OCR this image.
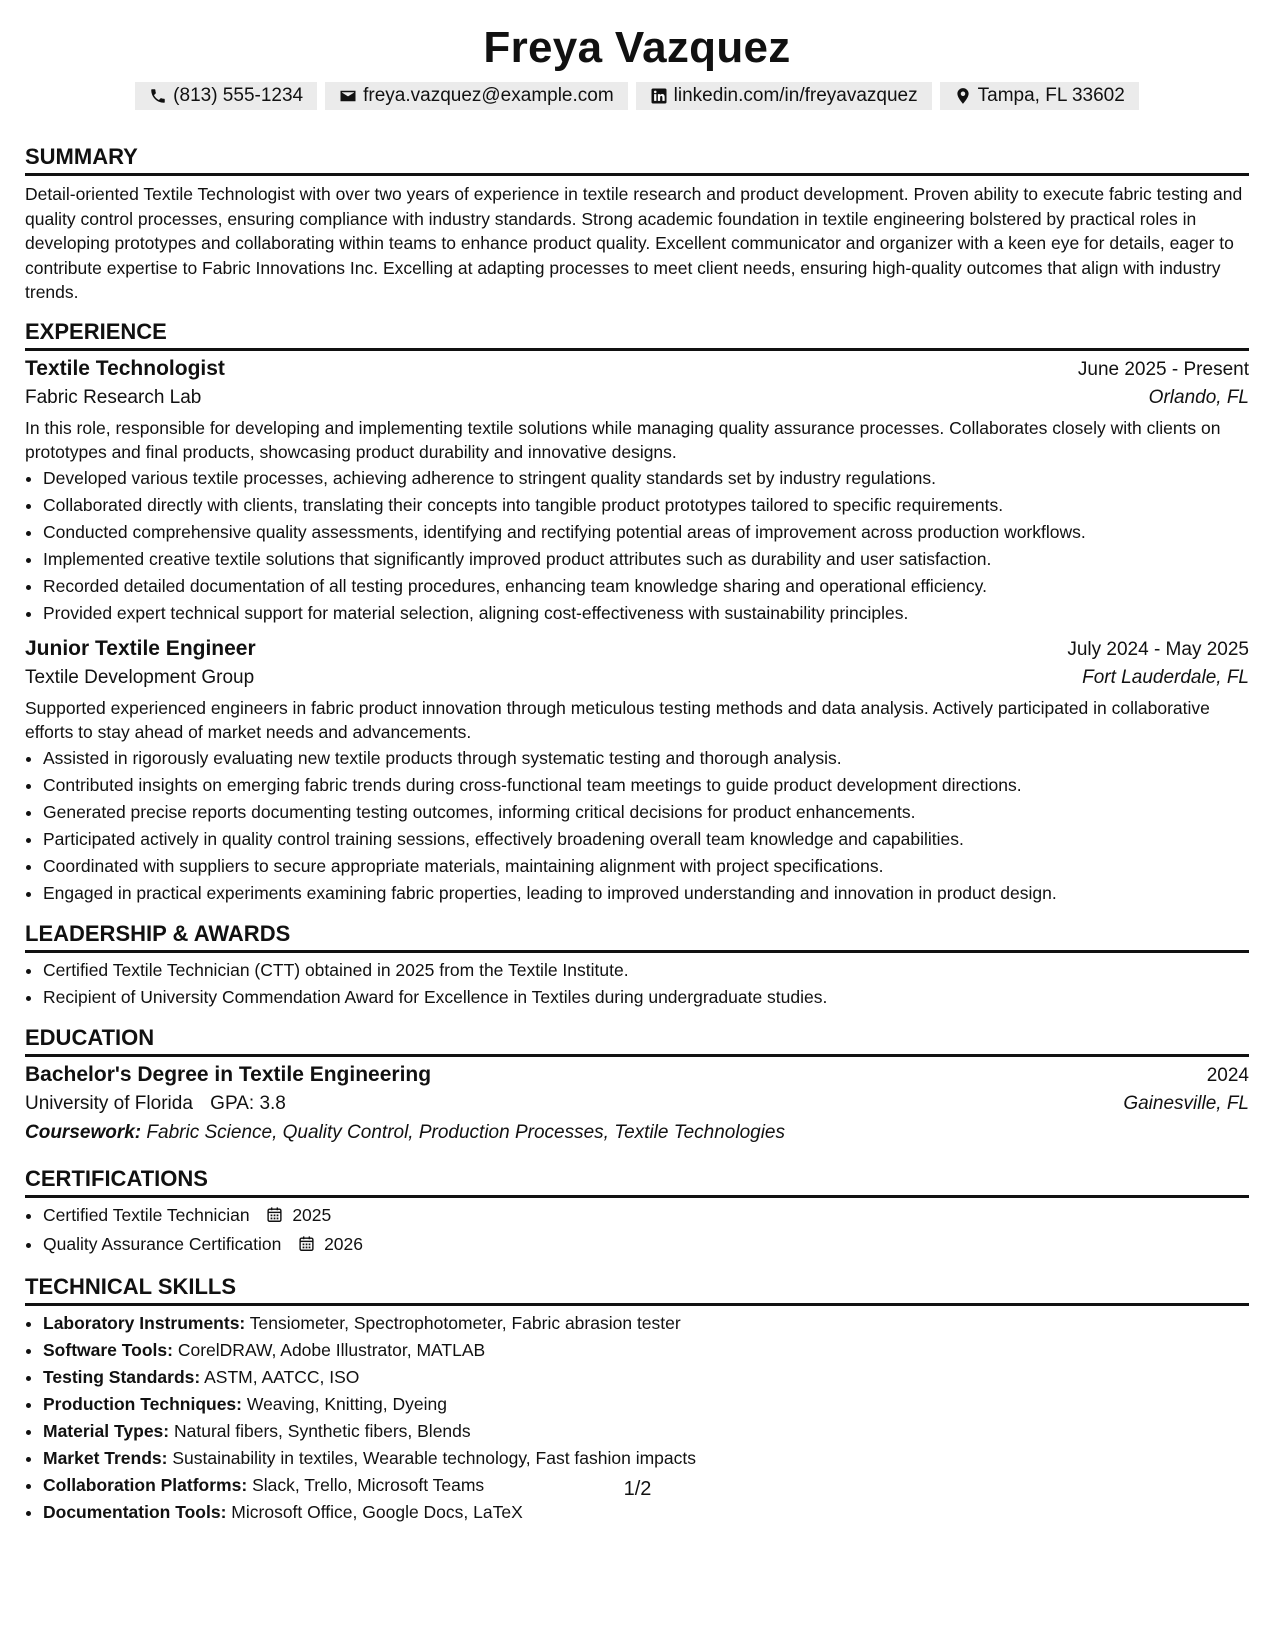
Freya Vazquez
(813) 555-1234	freya.vazquez@example.com	linkedin.com/in/freyavazquez	Tampa, FL 33602
SUMMARY

Detail-oriented Textile Technologist with over two years of experience in textile research and product development. Proven ability to execute fabric testing and quality control processes, ensuring compliance with industry standards. Strong academic foundation in textile engineering bolstered by practical roles in developing prototypes and collaborating within teams to enhance product quality. Excellent communicator and organizer with a keen eye for details, eager to contribute expertise to Fabric Innovations Inc. Excelling at adapting processes to meet client needs, ensuring high-quality outcomes that align with industry trends.

EXPERIENCE
Textile Technologist	June 2025 - Present
Fabric Research Lab	Orlando, FL

In this role, responsible for developing and implementing textile solutions while managing quality assurance processes. Collaborates closely with clients on prototypes and final products, showcasing product durability and innovative designs.

• Developed various textile processes, achieving adherence to stringent quality standards set by industry regulations.
• Collaborated directly with clients, translating their concepts into tangible product prototypes tailored to specific requirements.
• Conducted comprehensive quality assessments, identifying and rectifying potential areas of improvement across production workflows.
• Implemented creative textile solutions that significantly improved product attributes such as durability and user satisfaction.
• Recorded detailed documentation of all testing procedures, enhancing team knowledge sharing and operational efficiency.
• Provided expert technical support for material selection, aligning cost-effectiveness with sustainability principles.
Junior Textile Engineer	July 2024 - May 2025
Textile Development Group	Fort Lauderdale, FL

Supported experienced engineers in fabric product innovation through meticulous testing methods and data analysis. Actively participated in collaborative efforts to stay ahead of market needs and advancements.

• Assisted in rigorously evaluating new textile products through systematic testing and thorough analysis.
• Contributed insights on emerging fabric trends during cross-functional team meetings to guide product development directions.
• Generated precise reports documenting testing outcomes, informing critical decisions for product enhancements.
• Participated actively in quality control training sessions, effectively broadening overall team knowledge and capabilities.
• Coordinated with suppliers to secure appropriate materials, maintaining alignment with project specifications.
• Engaged in practical experiments examining fabric properties, leading to improved understanding and innovation in product design.
LEADERSHIP & AWARDS
• Certified Textile Technician (CTT) obtained in 2025 from the Textile Institute.
• Recipient of University Commendation Award for Excellence in Textiles during undergraduate studies.
EDUCATION
Bachelor's Degree in Textile Engineering	2024
University of Florida GPA: 3.8	Gainesville, FL
Coursework: Fabric Science, Quality Control, Production Processes, Textile Technologies
CERTIFICATIONS
• Certified Textile Technician 2025
• Quality Assurance Certification 2026
TECHNICAL SKILLS
• Laboratory Instruments: Tensiometer, Spectrophotometer, Fabric abrasion tester
• Software Tools: CorelDRAW, Adobe Illustrator, MATLAB
• Testing Standards: ASTM, AATCC, ISO
• Production Techniques: Weaving, Knitting, Dyeing
• Material Types: Natural fibers, Synthetic fibers, Blends
• Market Trends: Sustainability in textiles, Wearable technology, Fast fashion impacts
• Collaboration Platforms: Slack, Trello, Microsoft Teams
• Documentation Tools: Microsoft Office, Google Docs, LaTeX
1/2
